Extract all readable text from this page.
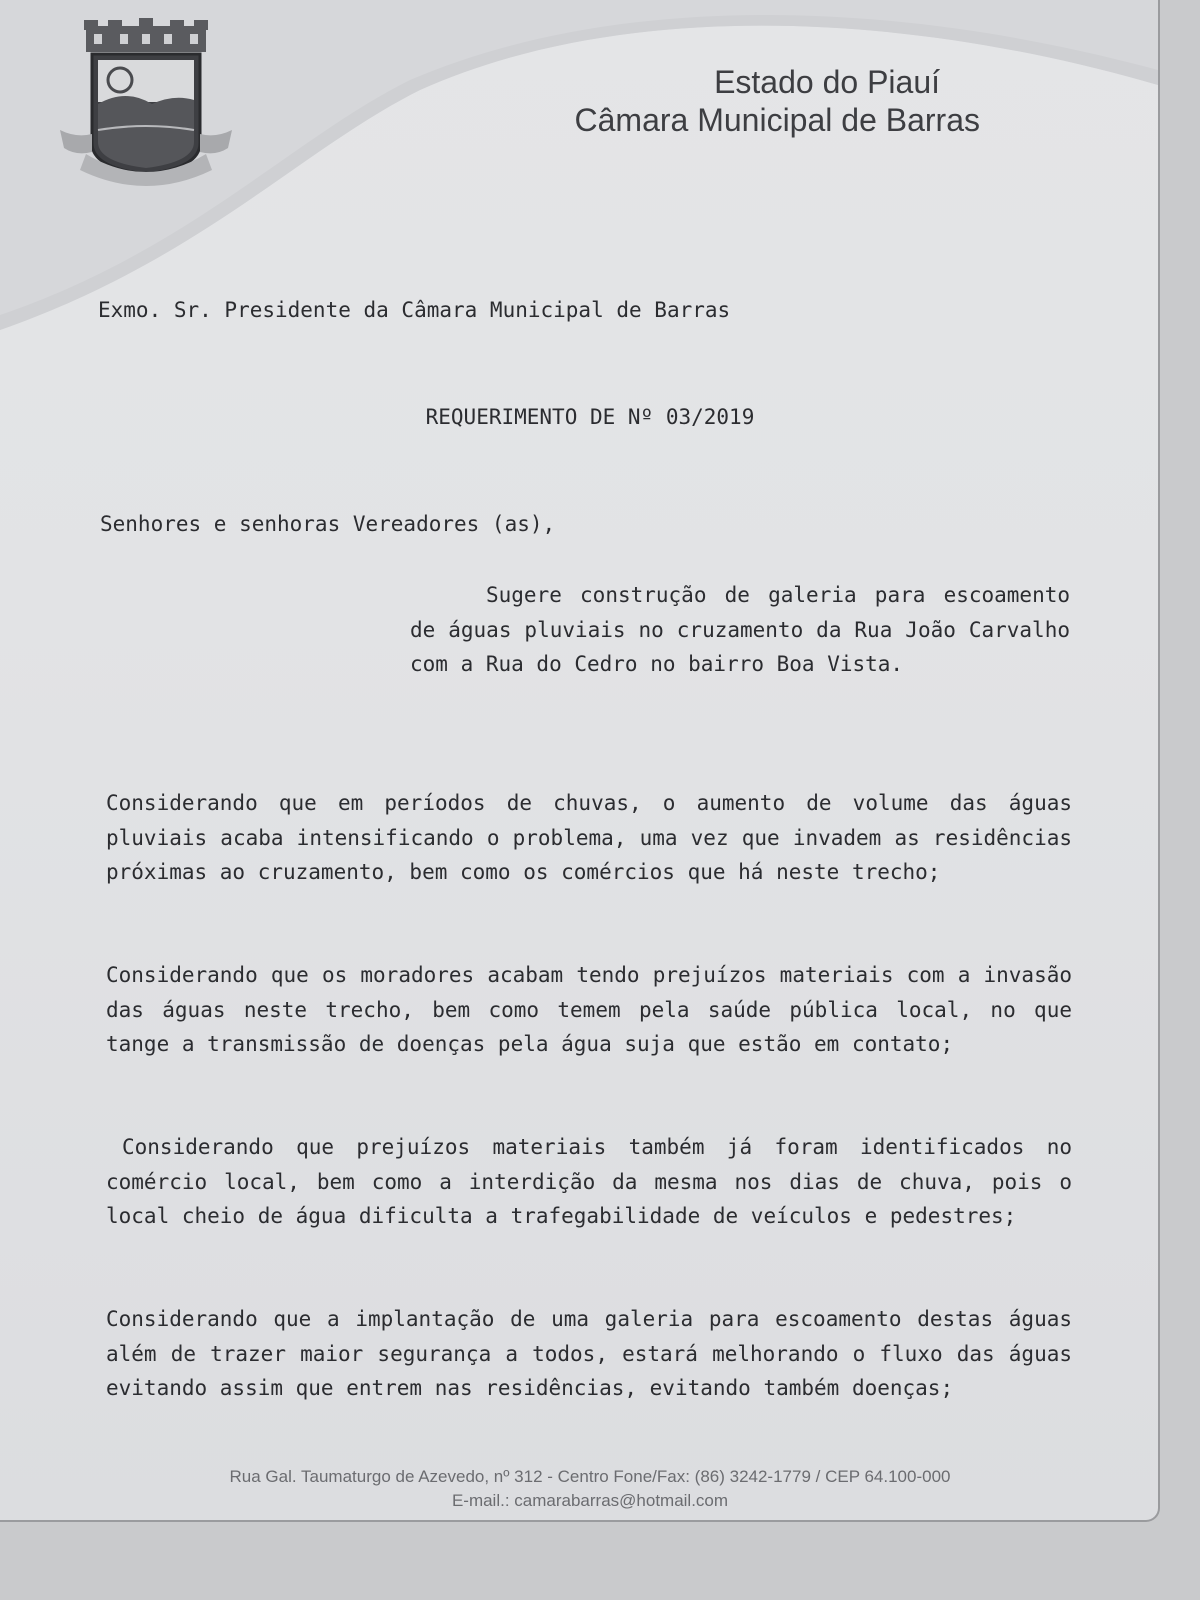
Estado do Piauí
Câmara Municipal de Barras
Exmo. Sr. Presidente da Câmara Municipal de Barras
REQUERIMENTO DE Nº 03/2019
Senhores e senhoras Vereadores (as),
Sugere construção de galeria para escoamento de águas pluviais no cruzamento da Rua João Carvalho com a Rua do Cedro no bairro Boa Vista.
Considerando que em períodos de chuvas, o aumento de volume das águas pluviais acaba intensificando o problema, uma vez que invadem as residências próximas ao cruzamento, bem como os comércios que há neste trecho;
Considerando que os moradores acabam tendo prejuízos materiais com a invasão das águas neste trecho, bem como temem pela saúde pública local, no que tange a transmissão de doenças pela água suja que estão em contato;
Considerando que prejuízos materiais também já foram identificados no comércio local, bem como a interdição da mesma nos dias de chuva, pois o local cheio de água dificulta a trafegabilidade de veículos e pedestres;
Considerando que a implantação de uma galeria para escoamento destas águas além de trazer maior segurança a todos, estará melhorando o fluxo das águas evitando assim que entrem nas residências, evitando também doenças;
Rua Gal. Taumaturgo de Azevedo, nº 312 - Centro Fone/Fax: (86) 3242-1779 / CEP 64.100-000
E-mail.: camarabarras@hotmail.com
